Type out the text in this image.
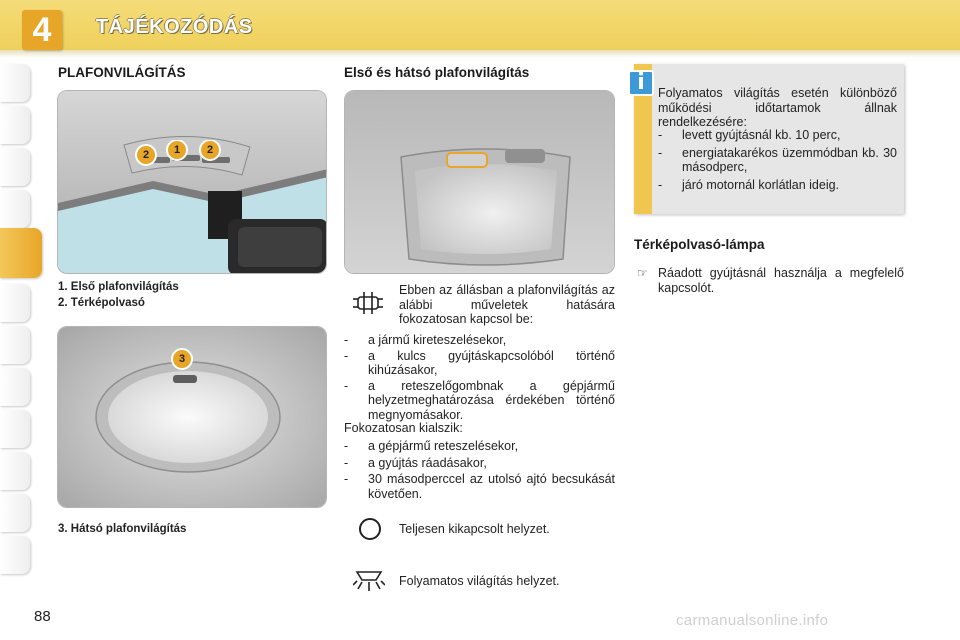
4	TÁJÉKOZÓDÁS
PLAFONVILÁGÍTÁS
2 1 2
1. Első plafonvilágítás
2. Térképolvasó
3
3. Hátsó plafonvilágítás
Első és hátsó plafonvilágítás
Ebben az állásban a plafonvilágítás az alábbi műveletek hatására fokozatosan kapcsol be:
- a jármű kireteszelésekor,
- a kulcs gyújtáskapcsolóból történő kihúzásakor,
- a reteszelőgombnak a gépjármű helyzetmeghatározása érdekében történő megnyomásakor.
Fokozatosan kialszik:
- a gépjármű reteszelésekor,
- a gyújtás ráadásakor,
- 30 másodperccel az utolsó ajtó becsukását követően.
Teljesen kikapcsolt helyzet.
Folyamatos világítás helyzet.
i	Folyamatos világítás esetén különböző működési időtartamok állnak rendelkezésére:
- levett gyújtásnál kb. 10 perc,
- energiatakarékos üzemmódban kb. 30 másodperc,
- járó motornál korlátlan ideig.
Térképolvasó-lámpa
☞ Ráadott gyújtásnál használja a megfelelő kapcsolót.
88	carmanualsonline.info
